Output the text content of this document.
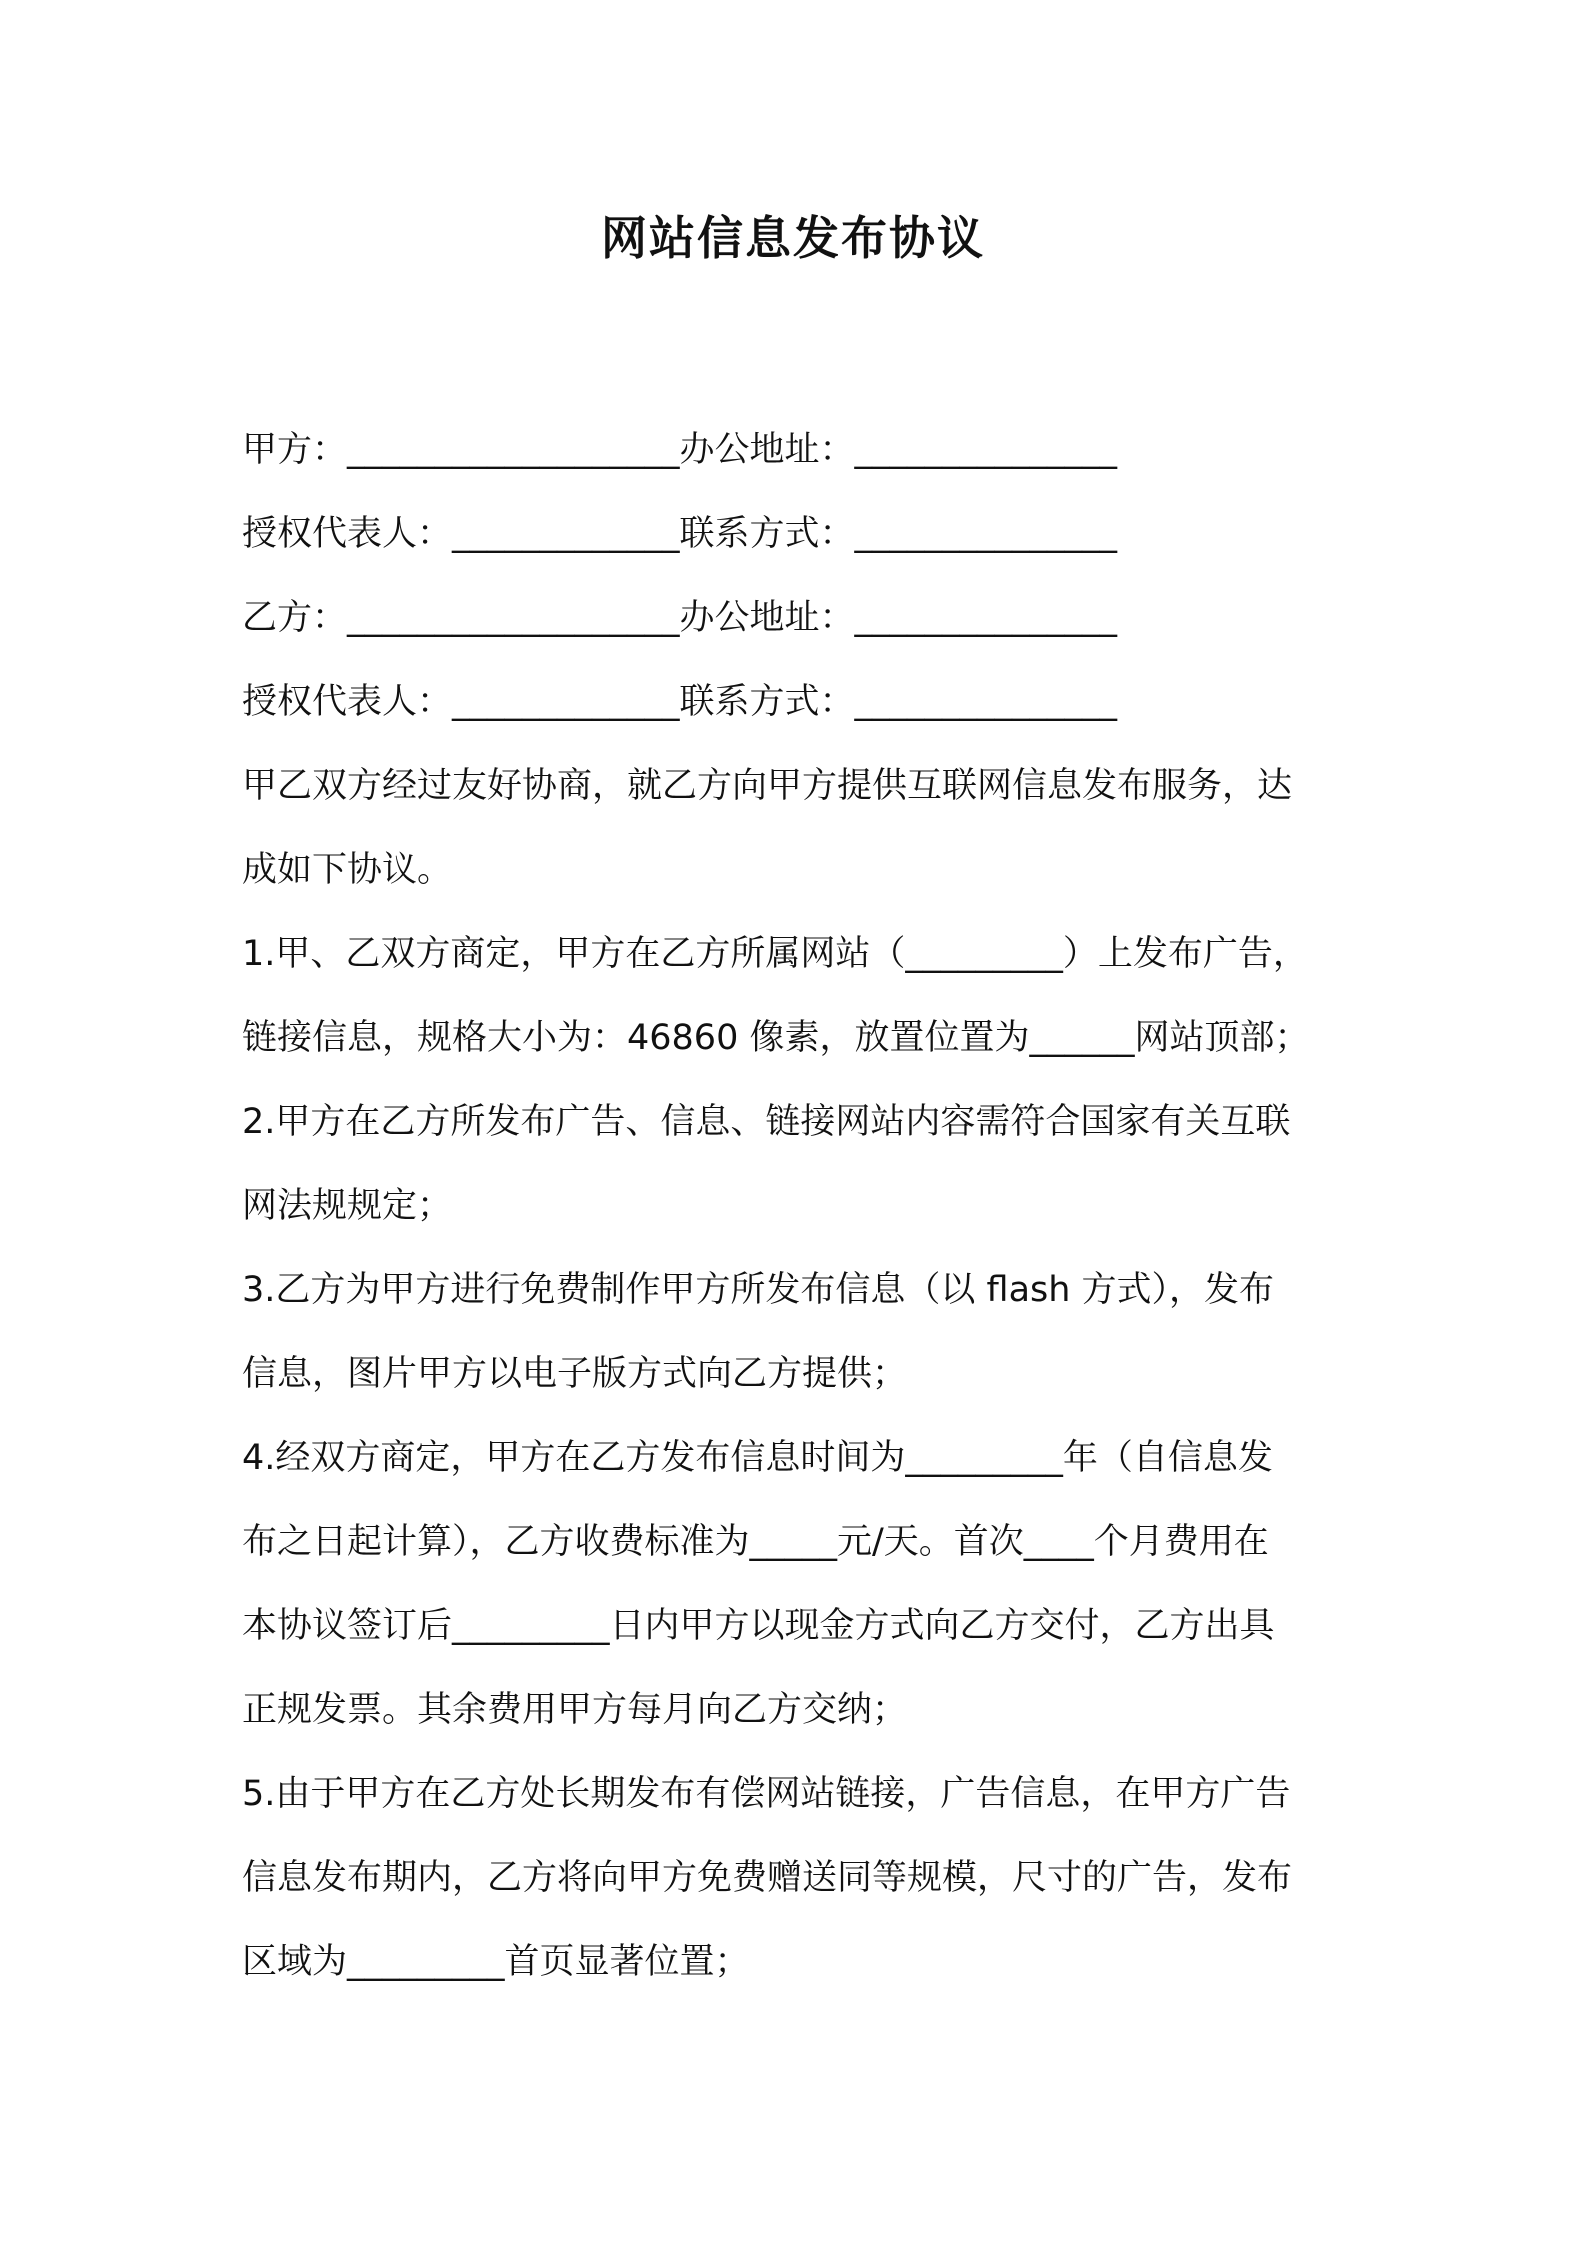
网站信息发布协议
甲方：___________________办公地址：_______________
授权代表人：_____________联系方式：_______________
乙方：___________________办公地址：_______________
授权代表人：_____________联系方式：_______________
甲乙双方经过友好协商，就乙方向甲方提供互联网信息发布服务，达
成如下协议。
1.甲、乙双方商定，甲方在乙方所属网站（_________）上发布广告，
链接信息，规格大小为：46860 像素，放置位置为______网站顶部；
2.甲方在乙方所发布广告、信息、链接网站内容需符合国家有关互联
网法规规定；
3.乙方为甲方进行免费制作甲方所发布信息（以 flash 方式），发布
信息，图片甲方以电子版方式向乙方提供；
4.经双方商定，甲方在乙方发布信息时间为_________年（自信息发
布之日起计算），乙方收费标准为_____元/天。首次____个月费用在
本协议签订后_________日内甲方以现金方式向乙方交付，乙方出具
正规发票。其余费用甲方每月向乙方交纳；
5.由于甲方在乙方处长期发布有偿网站链接，广告信息，在甲方广告
信息发布期内，乙方将向甲方免费赠送同等规模，尺寸的广告，发布
区域为_________首页显著位置；
